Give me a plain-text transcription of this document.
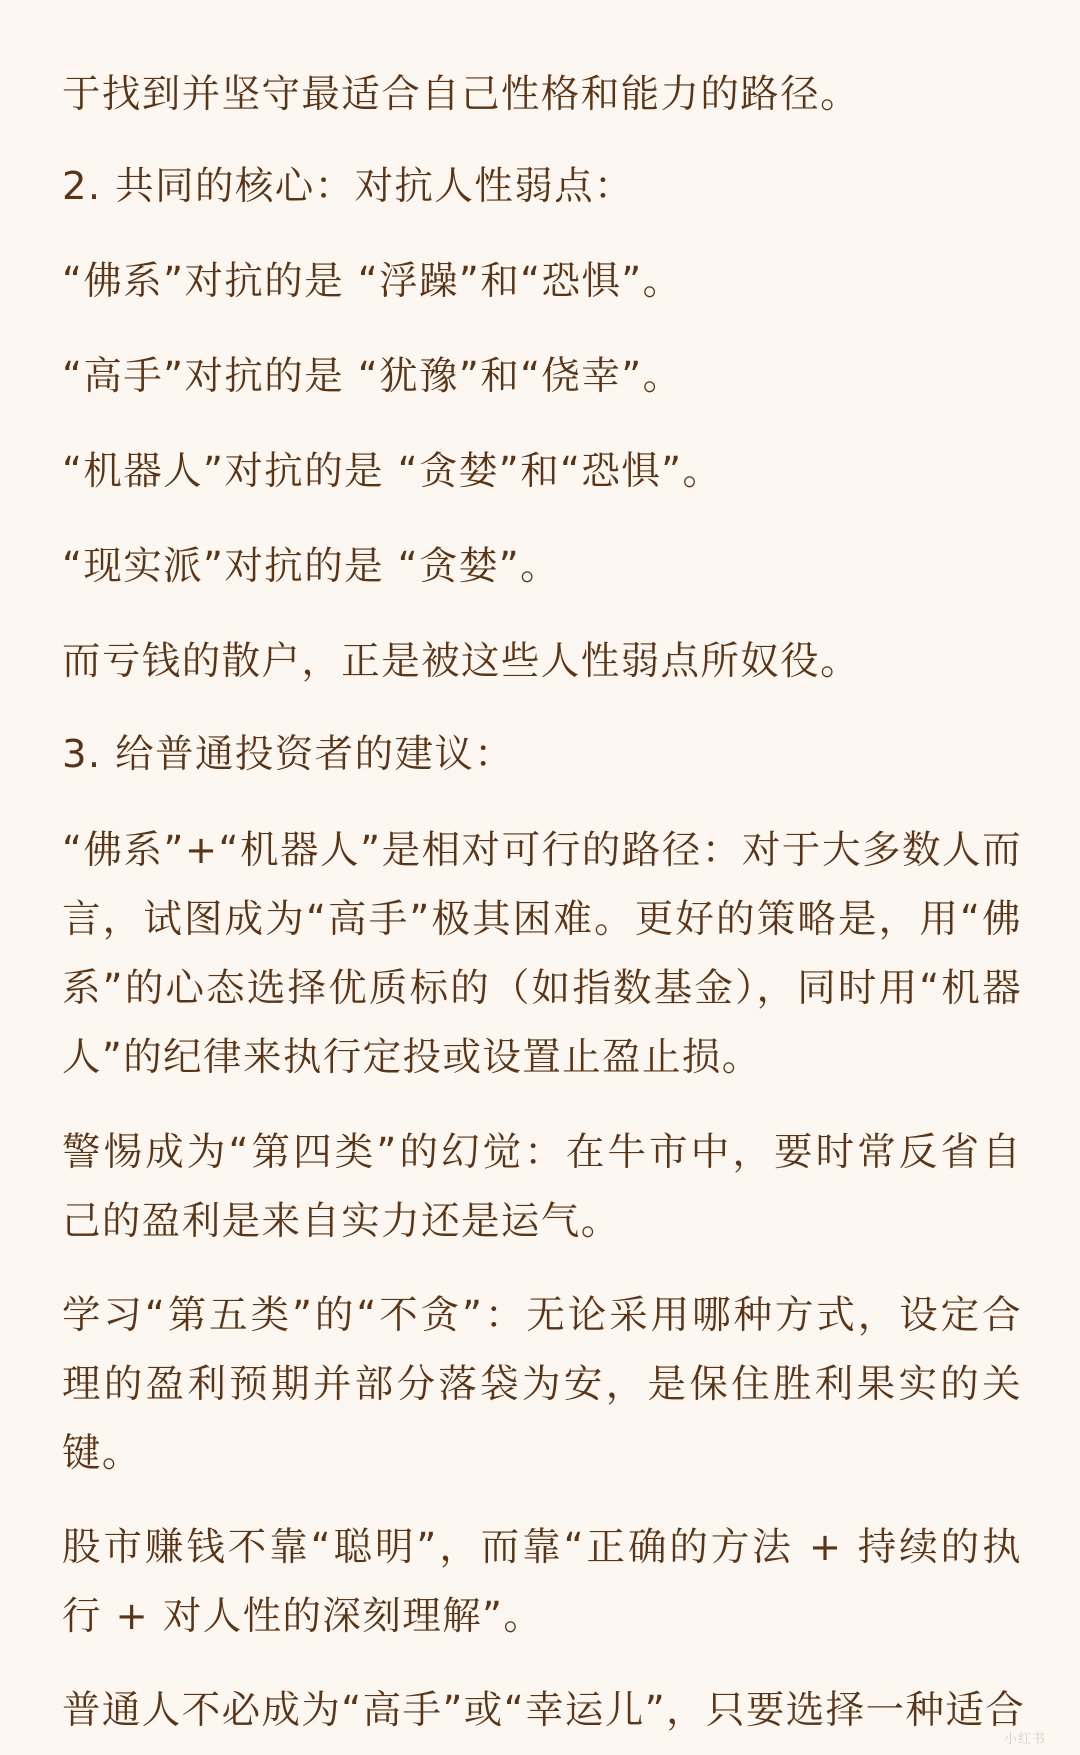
于找到并坚守最适合自己性格和能力的路径。

2. 共同的核心：对抗人性弱点：

“佛系”对抗的是 “浮躁”和“恐惧”。

“高手”对抗的是 “犹豫”和“侥幸”。

“机器人”对抗的是 “贪婪”和“恐惧”。

“现实派”对抗的是 “贪婪”。

而亏钱的散户，正是被这些人性弱点所奴役。

3. 给普通投资者的建议：

“佛系”+“机器人”是相对可行的路径：对于大多数人而言，试图成为“高手”极其困难。更好的策略是，用“佛系”的心态选择优质标的（如指数基金），同时用“机器人”的纪律来执行定投或设置止盈止损。

警惕成为“第四类”的幻觉：在牛市中，要时常反省自己的盈利是来自实力还是运气。

学习“第五类”的“不贪”：无论采用哪种方式，设定合理的盈利预期并部分落袋为安，是保住胜利果实的关键。

股市赚钱不靠“聪明”，而靠“正确的方法 + 持续的执行 + 对人性的深刻理解”。

普通人不必成为“高手”或“幸运儿”，只要选择一种适合

小红书
